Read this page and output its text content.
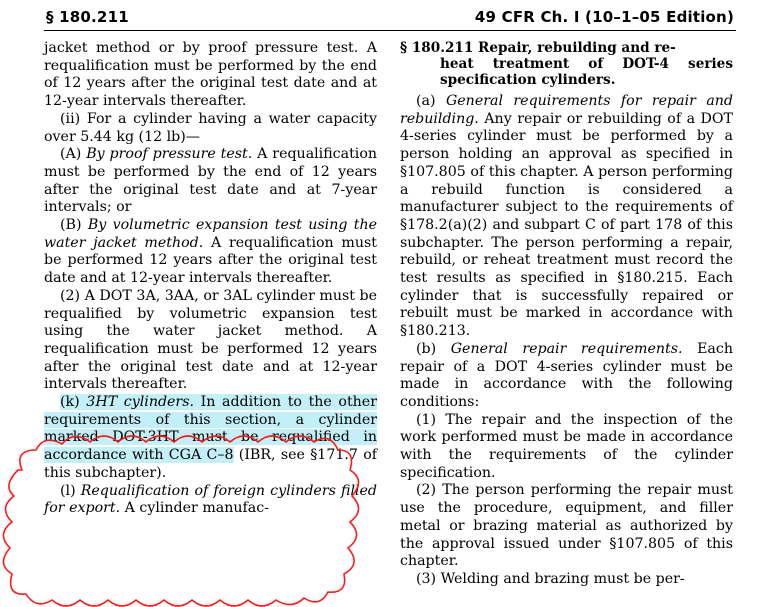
§ 180.211	49 CFR Ch. I (10–1–05 Edition)

jacket method or by proof pressure test. A requalification must be performed by the end of 12 years after the original test date and at 12-year intervals thereafter.

(ii) For a cylinder having a water capacity over 5.44 kg (12 lb)—

(A) By proof pressure test. A requalification must be performed by the end of 12 years after the original test date and at 7-year intervals; or

(B) By volumetric expansion test using the water jacket method. A requalification must be performed 12 years after the original test date and at 12-year intervals thereafter.

(2) A DOT 3A, 3AA, or 3AL cylinder must be requalified by volumetric expansion test using the water jacket method. A requalification must be performed 12 years after the original test date and at 12-year intervals thereafter.

(k) 3HT cylinders. In addition to the other requirements of this section, a cylinder marked DOT-3HT must be requalified in accordance with CGA C–8 (IBR, see §171.7 of this subchapter).

(l) Requalification of foreign cylinders filled for export. A cylinder manufac-

§ 180.211 Repair, rebuilding and re-
heat treatment of DOT-4 series specification cylinders.

(a) General requirements for repair and rebuilding. Any repair or rebuilding of a DOT 4-series cylinder must be performed by a person holding an approval as specified in §107.805 of this chapter. A person performing a rebuild function is considered a manufacturer subject to the requirements of §178.2(a)(2) and subpart C of part 178 of this subchapter. The person performing a repair, rebuild, or reheat treatment must record the test results as specified in §180.215. Each cylinder that is successfully repaired or rebuilt must be marked in accordance with §180.213.

(b) General repair requirements. Each repair of a DOT 4-series cylinder must be made in accordance with the following conditions:

(1) The repair and the inspection of the work performed must be made in accordance with the requirements of the cylinder specification.

(2) The person performing the repair must use the procedure, equipment, and filler metal or brazing material as authorized by the approval issued under §107.805 of this chapter.

(3) Welding and brazing must be per-
